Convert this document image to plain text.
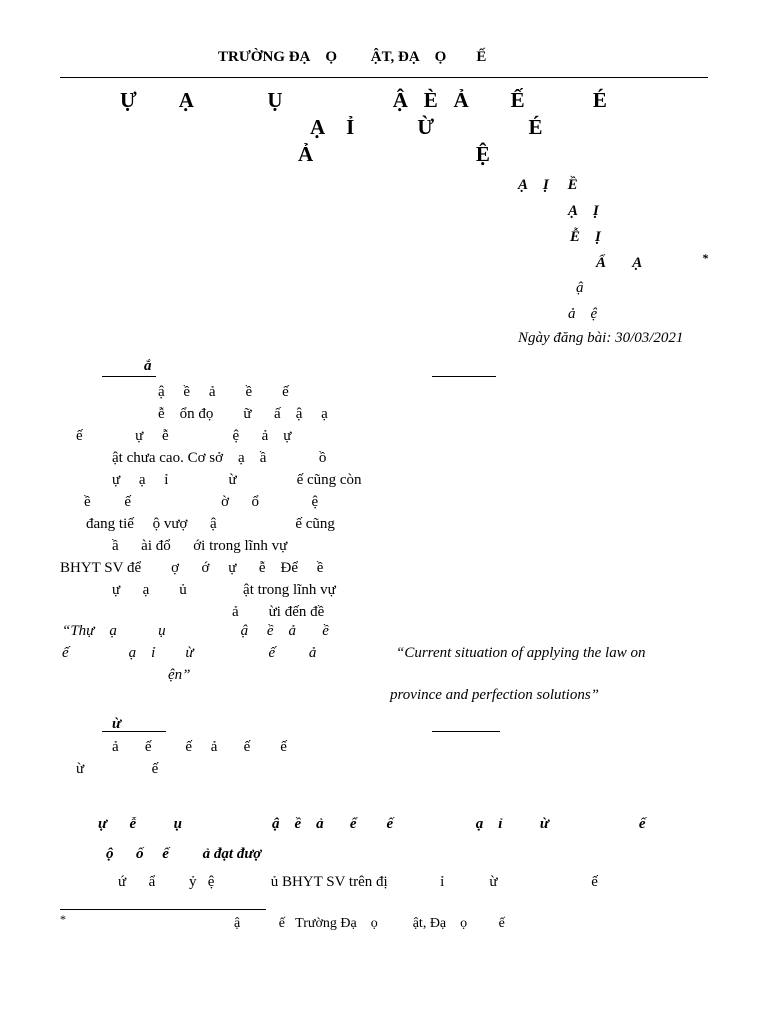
TRƯỜNG ĐẠ    Ọ         ẬT, ĐẠ    Ọ        Ế
Ự        Ạ              Ụ                     Ậ   È   Ả        Ế             É
Ạ    Ỉ            Ừ                  É
Ả                               Ệ
Ạ    Ị     Ề
Ạ    Ị
Ễ    Ị
Ẩ       Ạ	*
ậ
ả    ệ
Ngày đăng bài: 30/03/2021
ắ
ậ     ề     ả        ề        ế
ễ    ổn đọ        ữ      ấ    ậ     ạ
ế              ự     ễ                 ệ      ả    ự
ật chưa cao. Cơ sở    ạ    ầ              ồ
ự     ạ     ỉ                ừ                ế cũng còn
ề         ế                        ờ      ổ              ệ
đang tiế     ộ vượ      ậ                     ế cũng
ầ      ài đổ      ới trong lĩnh vự
BHYT SV để        ợ      ớ     ự      ễ    Để     ề
ự      ạ        ủ               ật trong lĩnh vự
ả        ừi đến đề
“Thự    ạ           ụ                    ậ     ề    ả       ề
ế                ạ    ỉ        ừ                    ế         ả	“Current situation of applying the law on
ện”
province and perfection solutions”
ừ
ả       ế         ế     ả       ế        ế
ừ                  ế
ự      ễ          ụ                        ậ    ề    ả       ể        ế                      ạ    ỉ          ừ                        ế
ộ      ố     ế         ả đạt đượ
ứ      ẩ         ỷ   ệ               ủ BHYT SV trên đị              ỉ            ừ                         ế
*	ậ           ế   Trường Đạ    ọ          ật, Đạ    ọ         ế
